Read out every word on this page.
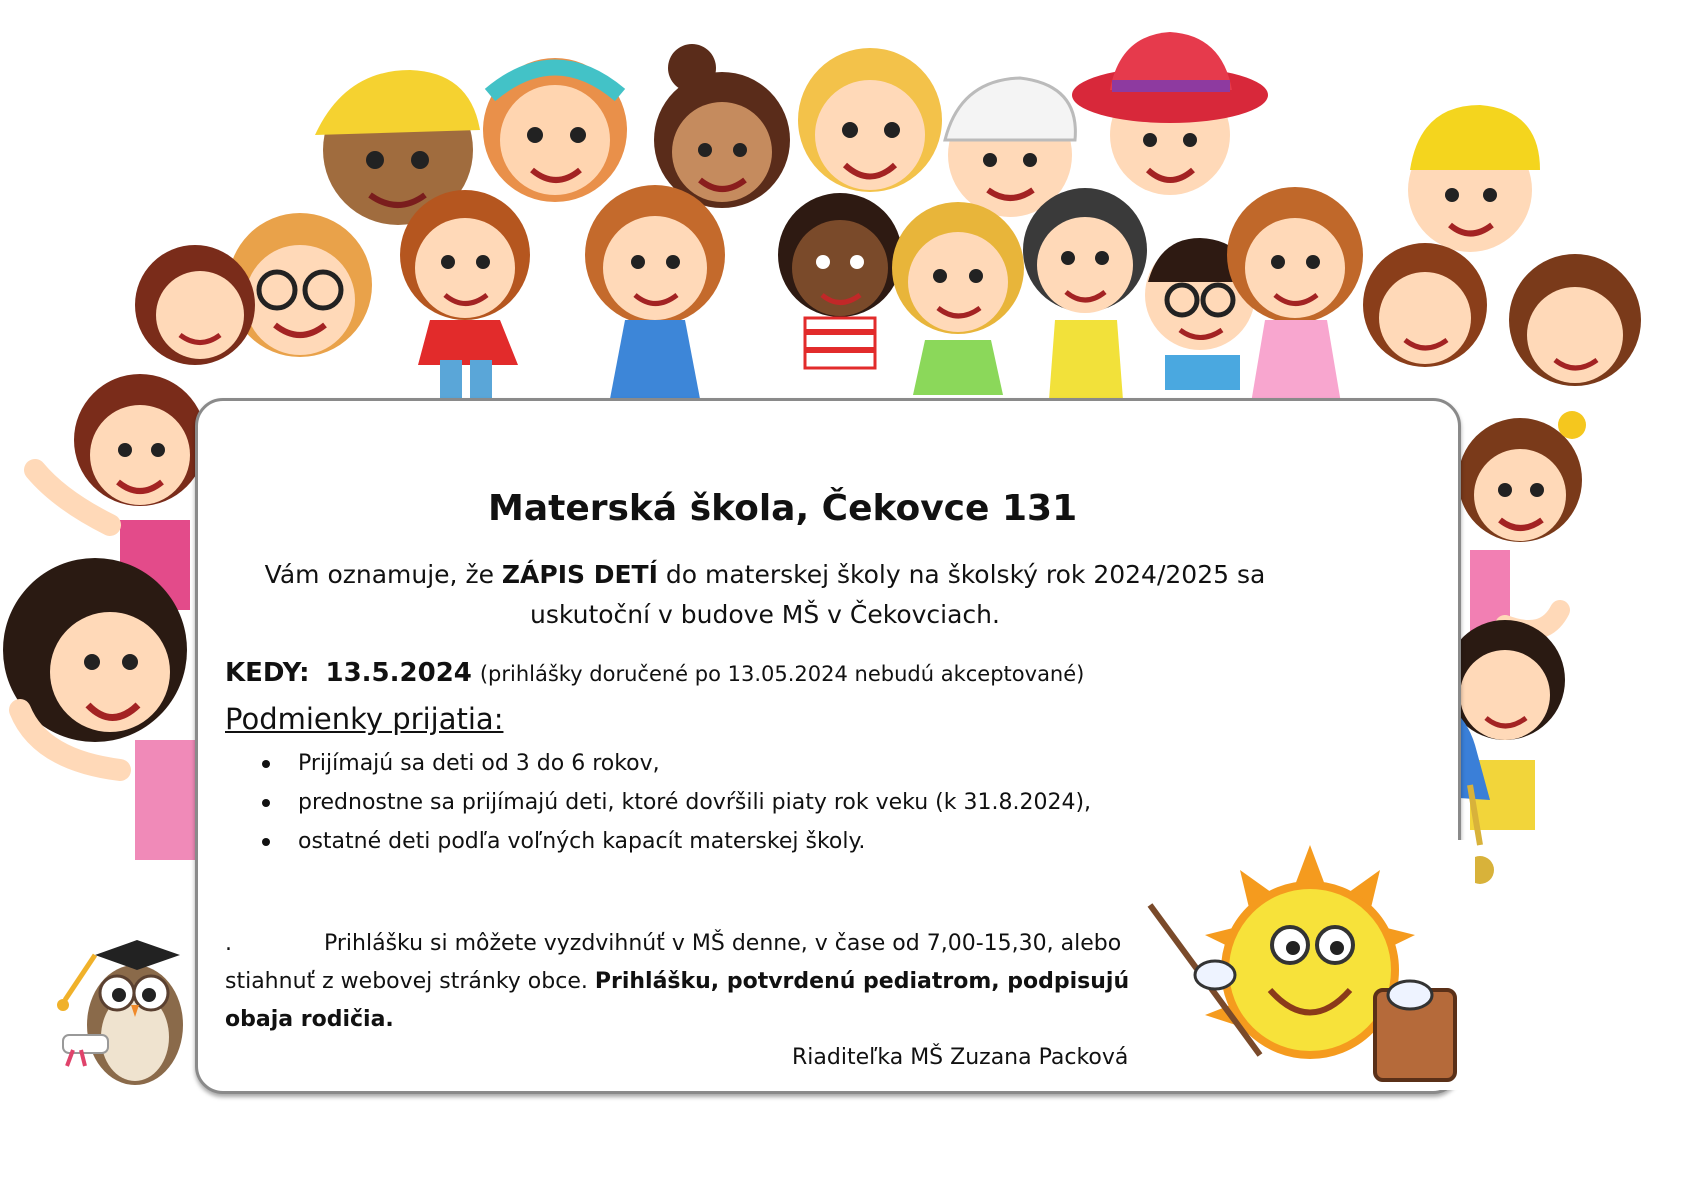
Materská škola, Čekovce 131
Vám oznamuje, že ZÁPIS DETÍ do materskej školy na školský rok 2024/2025 sa uskutoční v budove MŠ v Čekovciach.
KEDY: 13.5.2024 (prihlášky doručené po 13.05.2024 nebudú akceptované)
Podmienky prijatia:
Prijímajú sa deti od 3 do 6 rokov,
prednostne sa prijímajú deti, ktoré dovŕšili piaty rok veku (k 31.8.2024),
ostatné deti podľa voľných kapacít materskej školy.
.	Prihlášku si môžete vyzdvihnúť v MŠ denne, v čase od 7,00-15,30, alebo stiahnuť z webovej stránky obce. Prihlášku, potvrdenú pediatrom, podpisujú obaja rodičia.
Riaditeľka MŠ Zuzana Packová
